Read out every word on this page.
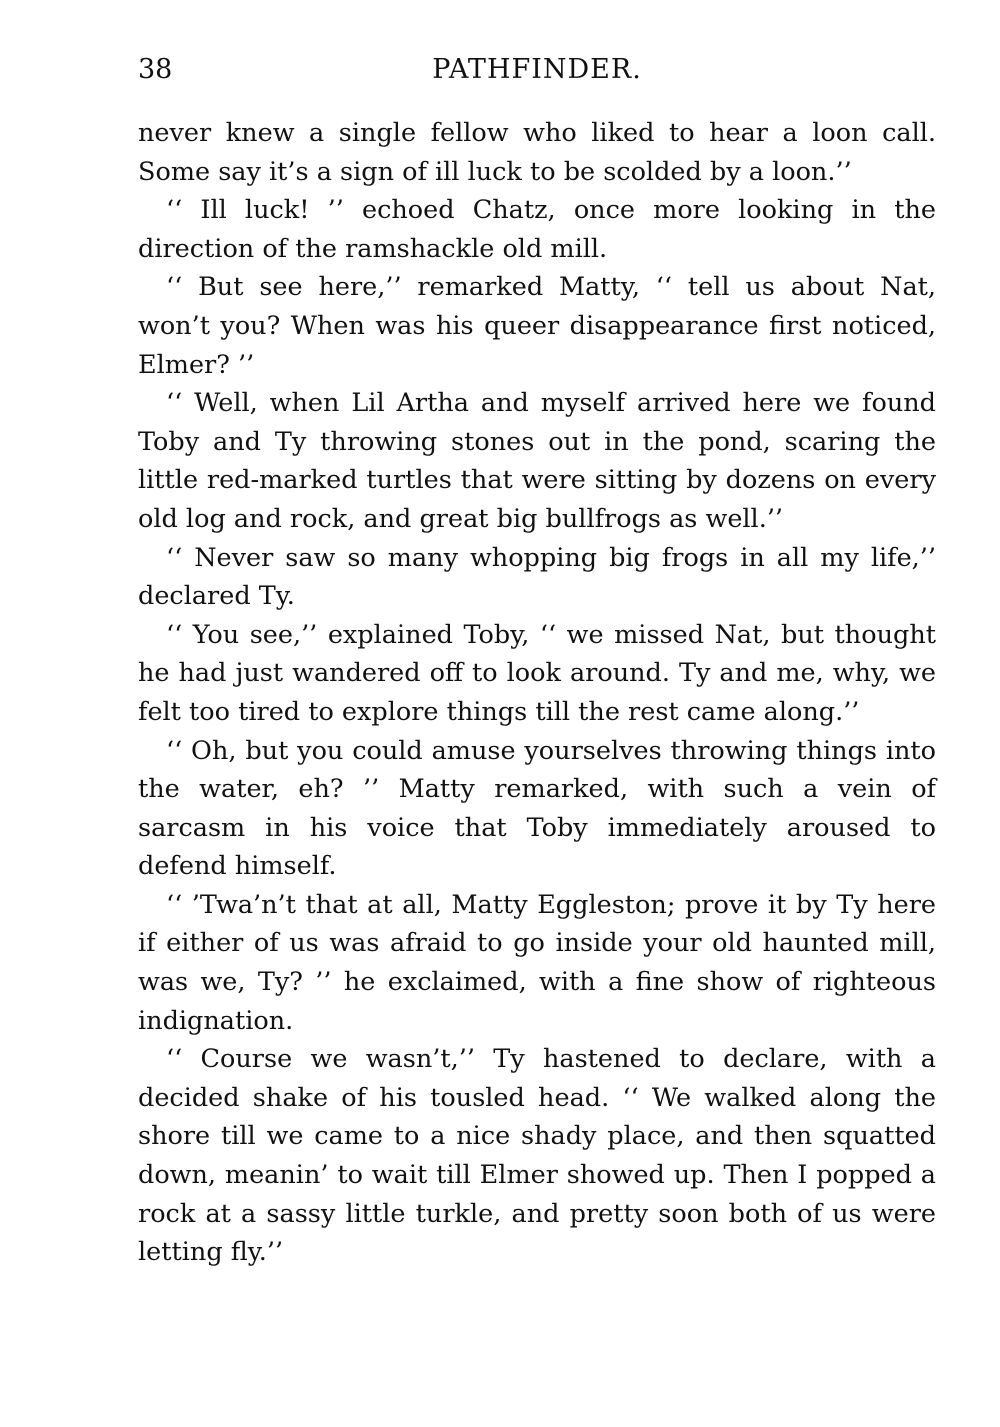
38	PATHFINDER.

never knew a single fellow who liked to hear a loon call. Some say it’s a sign of ill luck to be scolded by a loon.’’

‘‘ Ill luck! ’’ echoed Chatz, once more looking in the direction of the ramshackle old mill.

‘‘ But see here,’’ remarked Matty, ‘‘ tell us about Nat, won’t you? When was his queer disappearance first noticed, Elmer? ’’

‘‘ Well, when Lil Artha and myself arrived here we found Toby and Ty throwing stones out in the pond, scaring the little red-marked turtles that were sitting by dozens on every old log and rock, and great big bullfrogs as well.’’

‘‘ Never saw so many whopping big frogs in all my life,’’ declared Ty.

‘‘ You see,’’ explained Toby, ‘‘ we missed Nat, but thought he had just wandered off to look around. Ty and me, why, we felt too tired to explore things till the rest came along.’’

‘‘ Oh, but you could amuse yourselves throwing things into the water, eh? ’’ Matty remarked, with such a vein of sarcasm in his voice that Toby immediately aroused to defend himself.

‘‘ ’Twa’n’t that at all, Matty Eggleston; prove it by Ty here if either of us was afraid to go inside your old haunted mill, was we, Ty? ’’ he exclaimed, with a fine show of righteous indignation.

‘‘ Course we wasn’t,’’ Ty hastened to declare, with a decided shake of his tousled head. ‘‘ We walked along the shore till we came to a nice shady place, and then squatted down, meanin’ to wait till Elmer showed up. Then I popped a rock at a sassy little turkle, and pretty soon both of us were letting fly.’’
